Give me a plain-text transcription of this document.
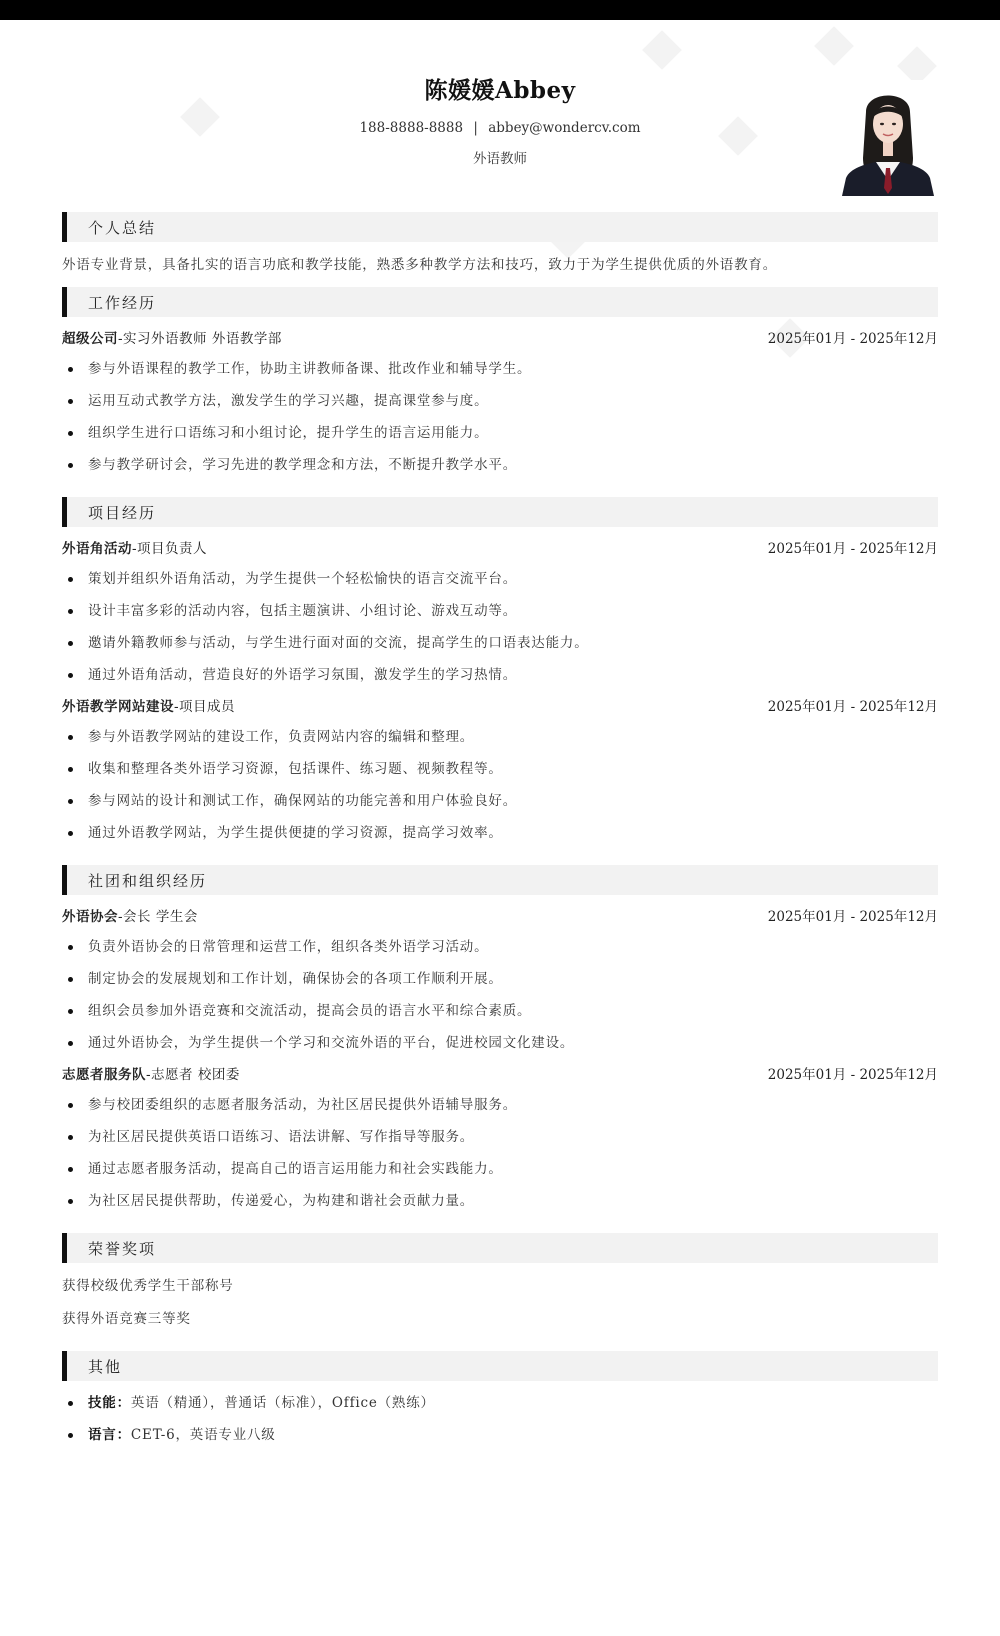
陈媛媛Abbey
188-8888-8888 | abbey@wondercv.com
外语教师
个人总结
外语专业背景，具备扎实的语言功底和教学技能，熟悉多种教学方法和技巧，致力于为学生提供优质的外语教育。
工作经历
超级公司-实习外语教师 外语教学部	2025年01月 - 2025年12月
参与外语课程的教学工作，协助主讲教师备课、批改作业和辅导学生。
运用互动式教学方法，激发学生的学习兴趣，提高课堂参与度。
组织学生进行口语练习和小组讨论，提升学生的语言运用能力。
参与教学研讨会，学习先进的教学理念和方法，不断提升教学水平。
项目经历
外语角活动-项目负责人	2025年01月 - 2025年12月
策划并组织外语角活动，为学生提供一个轻松愉快的语言交流平台。
设计丰富多彩的活动内容，包括主题演讲、小组讨论、游戏互动等。
邀请外籍教师参与活动，与学生进行面对面的交流，提高学生的口语表达能力。
通过外语角活动，营造良好的外语学习氛围，激发学生的学习热情。
外语教学网站建设-项目成员	2025年01月 - 2025年12月
参与外语教学网站的建设工作，负责网站内容的编辑和整理。
收集和整理各类外语学习资源，包括课件、练习题、视频教程等。
参与网站的设计和测试工作，确保网站的功能完善和用户体验良好。
通过外语教学网站，为学生提供便捷的学习资源，提高学习效率。
社团和组织经历
外语协会-会长 学生会	2025年01月 - 2025年12月
负责外语协会的日常管理和运营工作，组织各类外语学习活动。
制定协会的发展规划和工作计划，确保协会的各项工作顺利开展。
组织会员参加外语竞赛和交流活动，提高会员的语言水平和综合素质。
通过外语协会，为学生提供一个学习和交流外语的平台，促进校园文化建设。
志愿者服务队-志愿者 校团委	2025年01月 - 2025年12月
参与校团委组织的志愿者服务活动，为社区居民提供外语辅导服务。
为社区居民提供英语口语练习、语法讲解、写作指导等服务。
通过志愿者服务活动，提高自己的语言运用能力和社会实践能力。
为社区居民提供帮助，传递爱心，为构建和谐社会贡献力量。
荣誉奖项
获得校级优秀学生干部称号
获得外语竞赛三等奖
其他
技能：英语（精通），普通话（标准），Office（熟练）
语言：CET-6，英语专业八级
